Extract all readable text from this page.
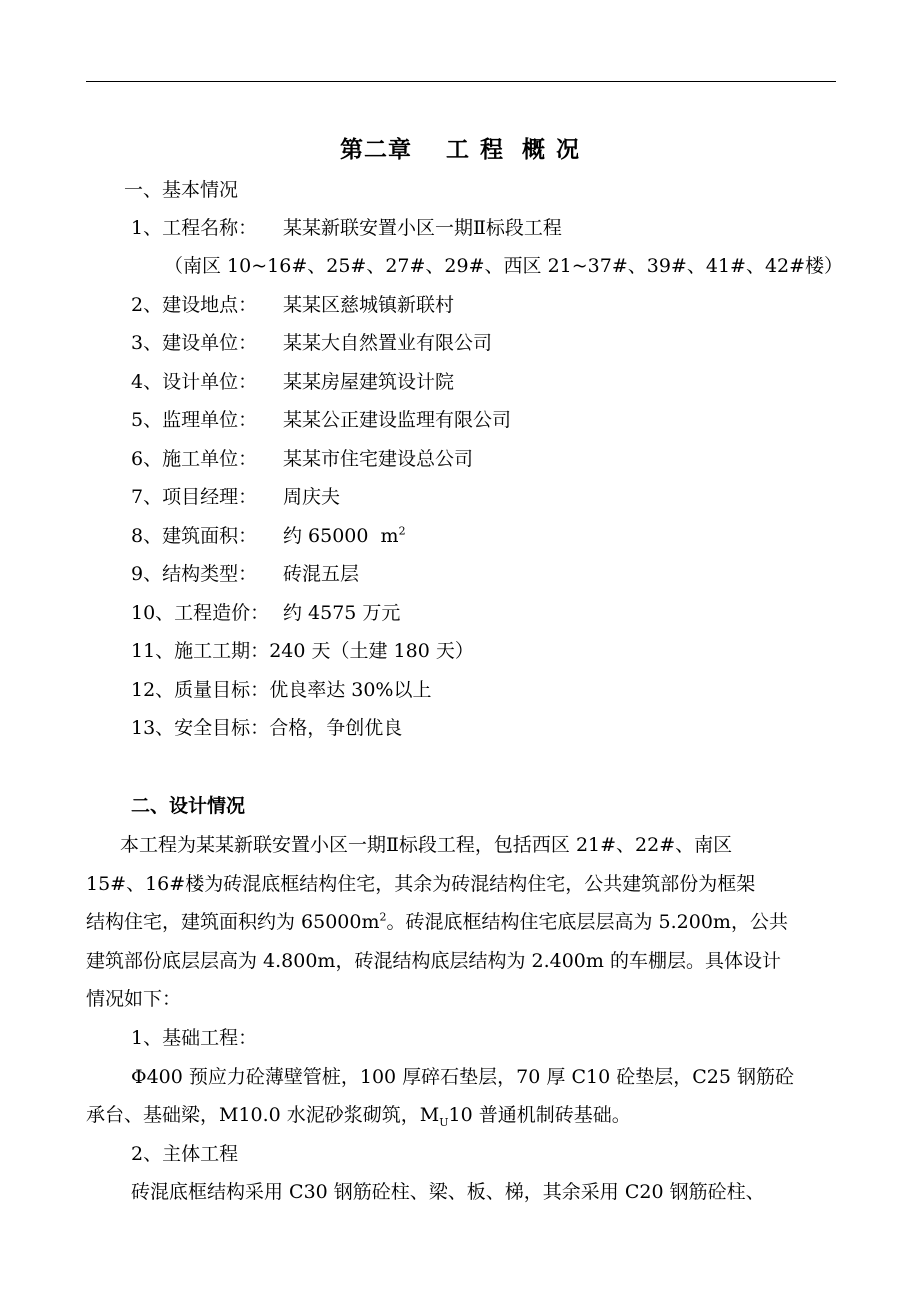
第二章 工 程 概 况
一、基本情况
1、工程名称： 某某新联安置小区一期Ⅱ标段工程
（南区 10~16#、25#、27#、29#、西区 21~37#、39#、41#、42#楼）
2、建设地点： 某某区慈城镇新联村
3、建设单位： 某某大自然置业有限公司
4、设计单位： 某某房屋建筑设计院
5、监理单位： 某某公正建设监理有限公司
6、施工单位： 某某市住宅建设总公司
7、项目经理： 周庆夫
8、建筑面积： 约 65000  $m^2$
9、结构类型： 砖混五层
10、工程造价： 约 4575 万元
11、施工工期：240 天（土建 180 天）
12、质量目标：优良率达 30%以上
13、安全目标：合格，争创优良
二、设计情况
本工程为某某新联安置小区一期Ⅱ标段工程，包括西区 21#、22#、南区
15#、16#楼为砖混底框结构住宅，其余为砖混结构住宅，公共建筑部份为框架
结构住宅，建筑面积约为 $65000m^2$。砖混底框结构住宅底层层高为 5.200m，公共
建筑部份底层层高为 4.800m，砖混结构底层结构为 2.400m 的车棚层。具体设计
情况如下：
1、基础工程：
Φ400 预应力砼薄壁管桩，100 厚碎石垫层，70 厚 C10 砼垫层，C25 钢筋砼
承台、基础梁，M10.0 水泥砂浆砌筑，$M_U10$ 普通机制砖基础。
2、主体工程
砖混底框结构采用 C30 钢筋砼柱、梁、板、梯，其余采用 C20 钢筋砼柱、
